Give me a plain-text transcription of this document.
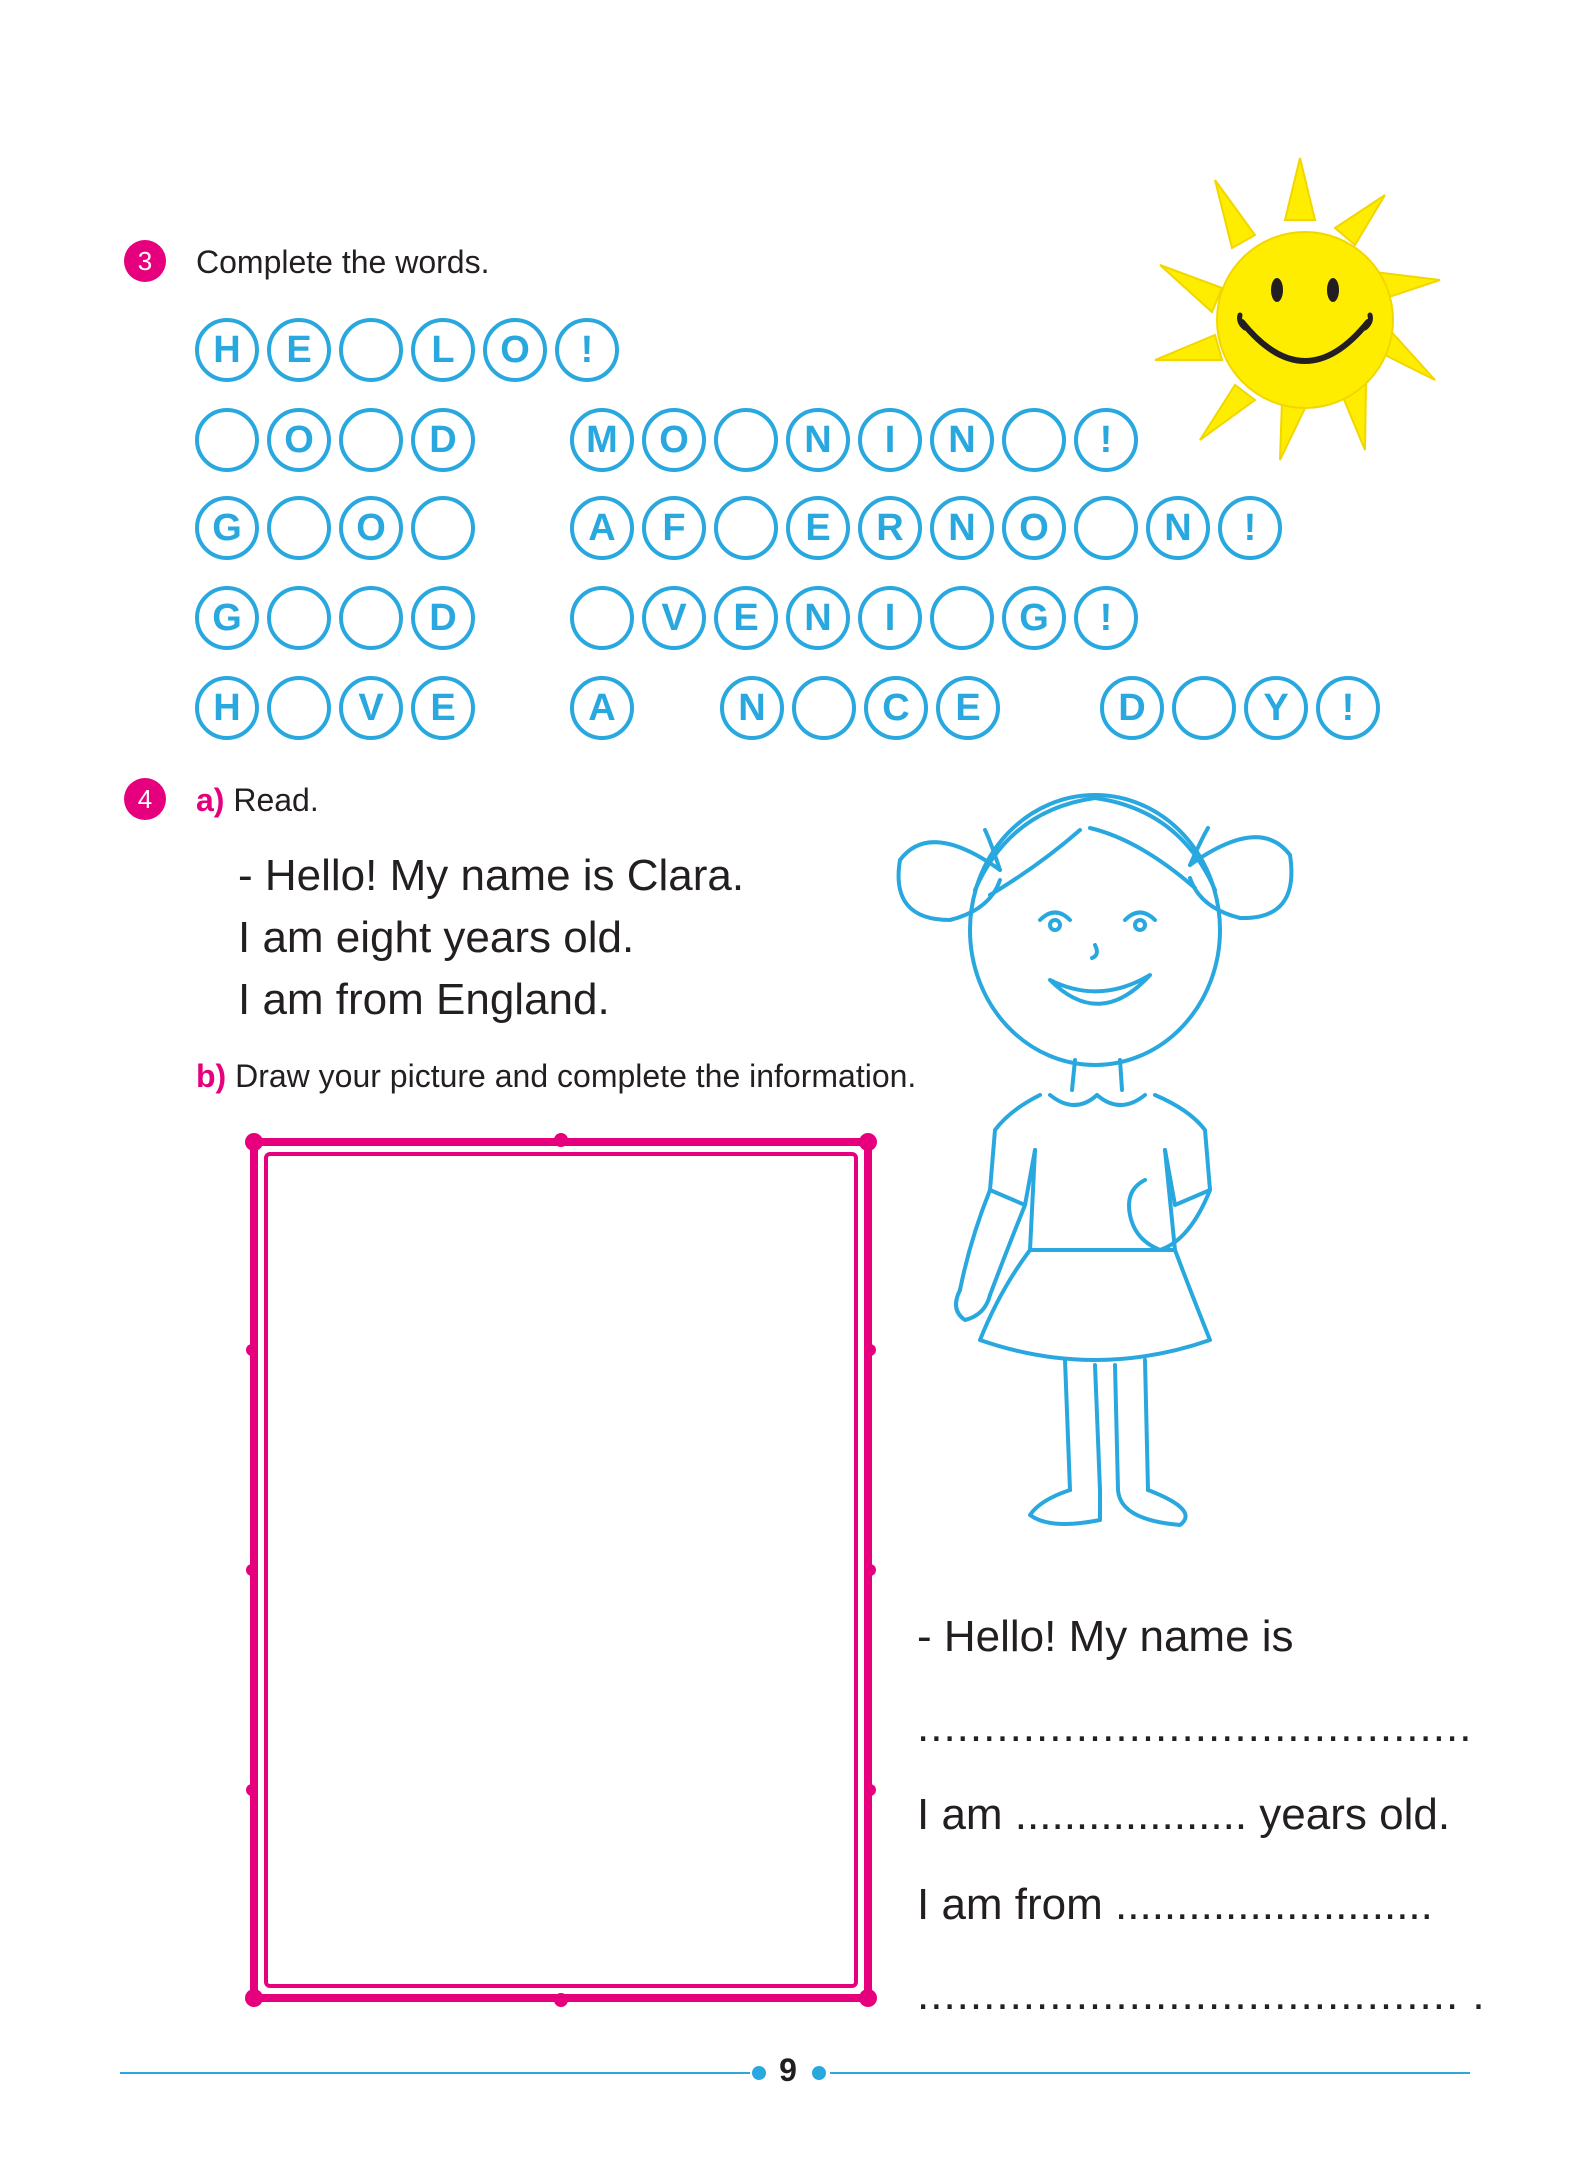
3	Complete the words.
H	E	L	O	!
O	D	M	O	N	I	N	!
G	O	A	F	E	R	N	O	N	!
G	D	V	E	N	I	G	!
H	V	E	A	N	C	E	D	Y	!
4	a) Read.
- Hello! My name is Clara.
I am eight years old.
I am from England.
b) Draw your picture and complete the information.
- Hello! My name is
..........................................
I am ................... years old.
I am from ..........................
......................................... .
9
